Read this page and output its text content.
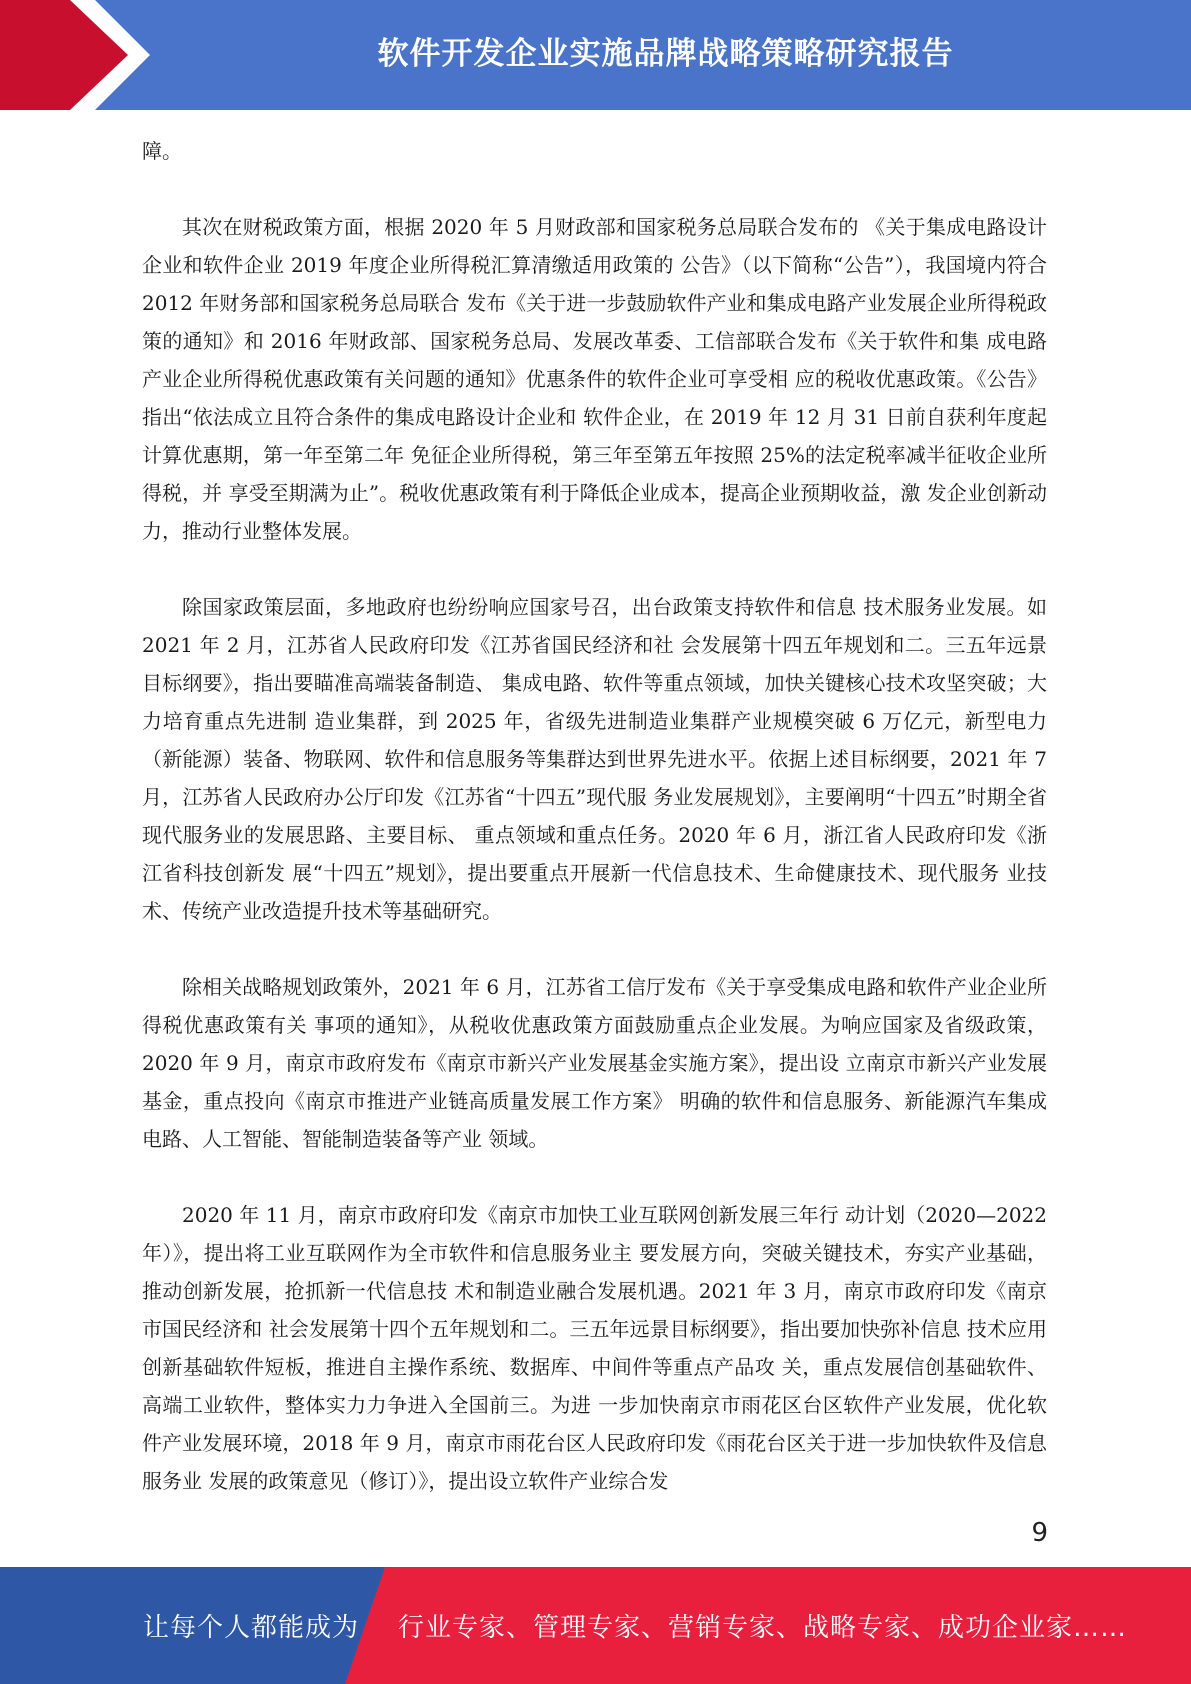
软件开发企业实施品牌战略策略研究报告

障。

其次在财税政策方面，根据 2020 年 5 月财政部和国家税务总局联合发布的 《关于集成电路设计企业和软件企业 2019 年度企业所得税汇算清缴适用政策的 公告》（以下简称“公告”），我国境内符合 2012 年财务部和国家税务总局联合 发布《关于进一步鼓励软件产业和集成电路产业发展企业所得税政策的通知》和 2016 年财政部、国家税务总局、发展改革委、工信部联合发布《关于软件和集 成电路产业企业所得税优惠政策有关问题的通知》优惠条件的软件企业可享受相 应的税收优惠政策。《公告》指出“依法成立且符合条件的集成电路设计企业和 软件企业，在 2019 年 12 月 31 日前自获利年度起计算优惠期，第一年至第二年 免征企业所得税，第三年至第五年按照 25%的法定税率减半征收企业所得税，并 享受至期满为止”。税收优惠政策有利于降低企业成本，提高企业预期收益，激 发企业创新动力，推动行业整体发展。

除国家政策层面，多地政府也纷纷响应国家号召，出台政策支持软件和信息 技术服务业发展。如 2021 年 2 月，江苏省人民政府印发《江苏省国民经济和社 会发展第十四五年规划和二。三五年远景目标纲要》，指出要瞄准高端装备制造、 集成电路、软件等重点领域，加快关键核心技术攻坚突破；大力培育重点先进制 造业集群，到 2025 年，省级先进制造业集群产业规模突破 6 万亿元，新型电力 （新能源）装备、物联网、软件和信息服务等集群达到世界先进水平。依据上述目标纲要，2021 年 7 月，江苏省人民政府办公厅印发《江苏省“十四五”现代服 务业发展规划》，主要阐明“十四五”时期全省现代服务业的发展思路、主要目标、 重点领域和重点任务。2020 年 6 月，浙江省人民政府印发《浙江省科技创新发 展“十四五”规划》，提出要重点开展新一代信息技术、生命健康技术、现代服务 业技术、传统产业改造提升技术等基础研究。

除相关战略规划政策外，2021 年 6 月，江苏省工信厅发布《关于享受集成电路和软件产业企业所得税优惠政策有关 事项的通知》，从税收优惠政策方面鼓励重点企业发展。为响应国家及省级政策，2020 年 9 月，南京市政府发布《南京市新兴产业发展基金实施方案》，提出设 立南京市新兴产业发展基金，重点投向《南京市推进产业链高质量发展工作方案》 明确的软件和信息服务、新能源汽车集成电路、人工智能、智能制造装备等产业 领域。

2020 年 11 月，南京市政府印发《南京市加快工业互联网创新发展三年行 动计划（2020—2022 年）》，提出将工业互联网作为全市软件和信息服务业主 要发展方向，突破关键技术，夯实产业基础，推动创新发展，抢抓新一代信息技 术和制造业融合发展机遇。2021 年 3 月，南京市政府印发《南京市国民经济和 社会发展第十四个五年规划和二。三五年远景目标纲要》，指出要加快弥补信息 技术应用创新基础软件短板，推进自主操作系统、数据库、中间件等重点产品攻 关，重点发展信创基础软件、高端工业软件，整体实力力争进入全国前三。为进 一步加快南京市雨花区台区软件产业发展，优化软件产业发展环境，2018 年 9 月，南京市雨花台区人民政府印发《雨花台区关于进一步加快软件及信息服务业 发展的政策意见（修订）》，提出设立软件产业综合发

9
让每个人都能成为 行业专家、管理专家、营销专家、战略专家、成功企业家……
